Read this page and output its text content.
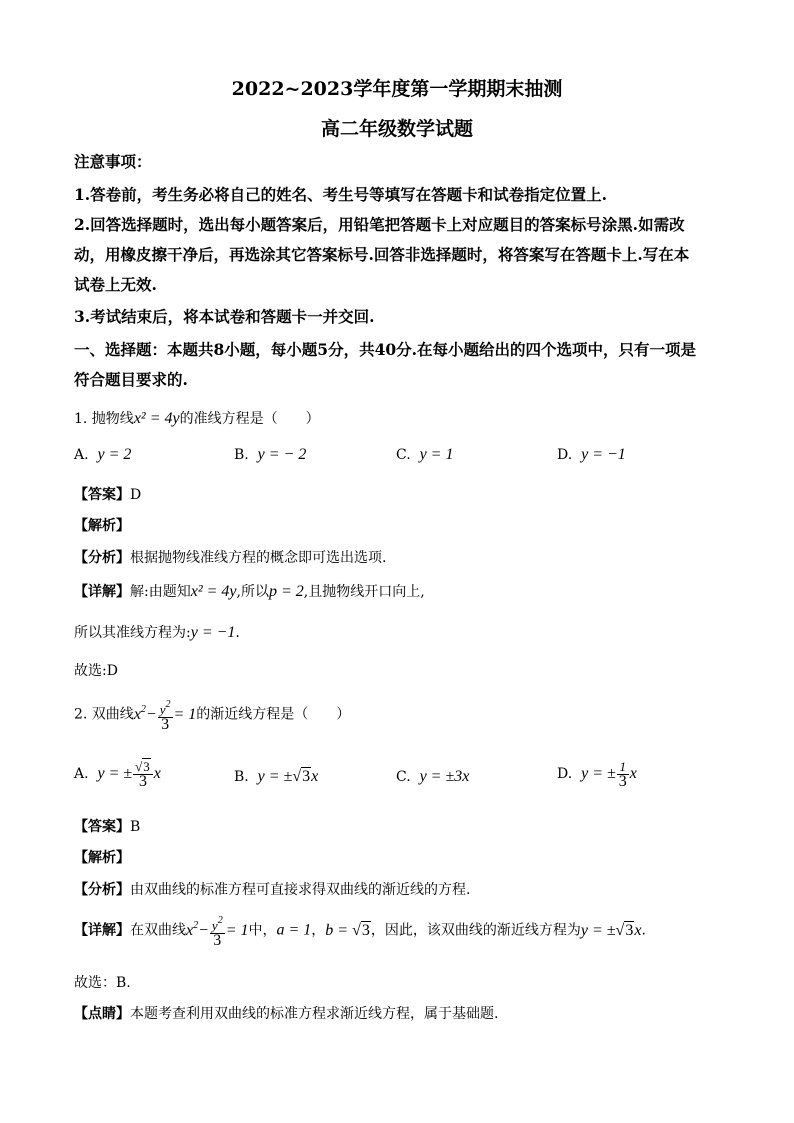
2022~2023学年度第一学期期末抽测
高二年级数学试题
注意事项：
1.答卷前，考生务必将自己的姓名、考生号等填写在答题卡和试卷指定位置上.
2.回答选择题时，选出每小题答案后，用铅笔把答题卡上对应题目的答案标号涂黑.如需改
动，用橡皮擦干净后，再选涂其它答案标号.回答非选择题时，将答案写在答题卡上.写在本
试卷上无效.
3.考试结束后，将本试卷和答题卡一并交回.
一、选择题：本题共8小题，每小题5分，共40分.在每小题给出的四个选项中，只有一项是
符合题目要求的.
1. 抛物线x² = 4y的准线方程是（　　）
A. y = 2	B. y = − 2	C. y = 1	D. y = −1
【答案】D
【解析】
【分析】根据抛物线准线方程的概念即可选出选项.
【详解】解:由题知x² = 4y,所以p = 2,且抛物线开口向上,
所以其准线方程为:y = −1.
故选:D
2. 双曲线$x^2- \frac{y^2}{3} = 1$的渐近线方程是（　　）
A. y = ± $\frac{√3}{3}$ x	B. y = ±√3x	C. y = ±3x	D. y = ± $\frac{1}{3}$ x
【答案】B
【解析】
【分析】由双曲线的标准方程可直接求得双曲线的渐近线的方程.
【详解】在双曲线$x^2- \frac{y^2}{3} = 1$中，a = 1，b = √3，因此，该双曲线的渐近线方程为y = ±√3x.
故选：B.
【点睛】本题考查利用双曲线的标准方程求渐近线方程，属于基础题.
